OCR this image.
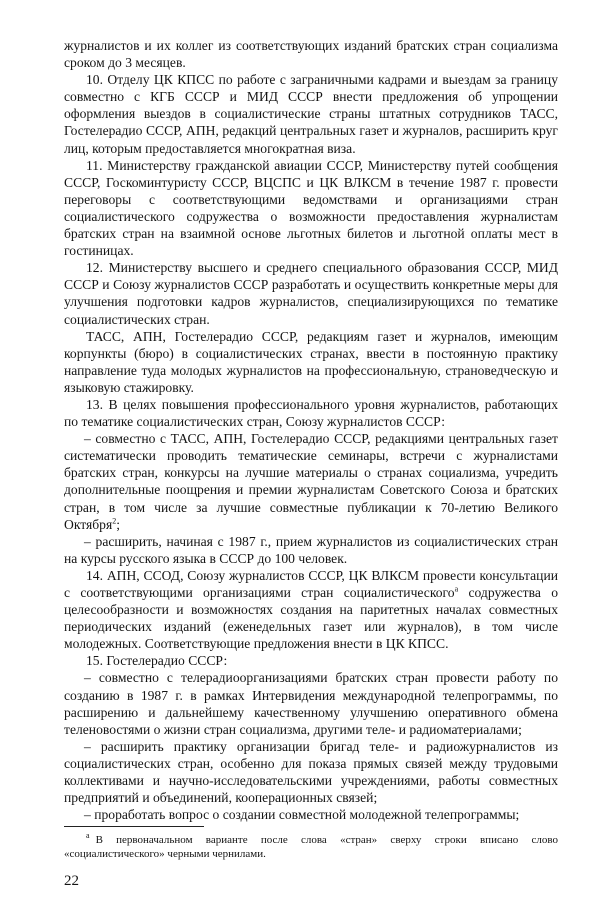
журналистов и их коллег из соответствующих изданий братских стран социализма сроком до 3 месяцев.

10. Отделу ЦК КПСС по работе с заграничными кадрами и выездам за границу совместно с КГБ СССР и МИД СССР внести предложения об упрощении оформления выездов в социалистические страны штатных сотрудников ТАСС, Гостелерадио СССР, АПН, редакций центральных газет и журналов, расширить круг лиц, которым предоставляется многократная виза.

11. Министерству гражданской авиации СССР, Министерству путей сообщения СССР, Госкоминтуристу СССР, ВЦСПС и ЦК ВЛКСМ в течение 1987 г. провести переговоры с соответствующими ведомствами и организациями стран социалистического содружества о возможности предоставления журналистам братских стран на взаимной основе льготных билетов и льготной оплаты мест в гостиницах.

12. Министерству высшего и среднего специального образования СССР, МИД СССР и Союзу журналистов СССР разработать и осуществить конкретные меры для улучшения подготовки кадров журналистов, специализирующихся по тематике социалистических стран.

ТАСС, АПН, Гостелерадио СССР, редакциям газет и журналов, имеющим корпункты (бюро) в социалистических странах, ввести в постоянную практику направление туда молодых журналистов на профессиональную, страноведческую и языковую стажировку.

13. В целях повышения профессионального уровня журналистов, работающих по тематике социалистических стран, Союзу журналистов СССР:

– совместно с ТАСС, АПН, Гостелерадио СССР, редакциями центральных газет систематически проводить тематические семинары, встречи с журналистами братских стран, конкурсы на лучшие материалы о странах социализма, учредить дополнительные поощрения и премии журналистам Советского Союза и братских стран, в том числе за лучшие совместные публикации к 70-летию Великого Октября$^2$;

– расширить, начиная с 1987 г., прием журналистов из социалистических стран на курсы русского языка в СССР до 100 человек.

14. АПН, ССОД, Союзу журналистов СССР, ЦК ВЛКСМ провести консультации с соответствующими организациями стран социалистического$^а$ содружества о целесообразности и возможностях создания на паритетных началах совместных периодических изданий (еженедельных газет или журналов), в том числе молодежных. Соответствующие предложения внести в ЦК КПСС.

15. Гостелерадио СССР:

– совместно с телерадиоорганизациями братских стран провести работу по созданию в 1987 г. в рамках Интервидения международной телепрограммы, по расширению и дальнейшему качественному улучшению оперативного обмена теленовостями о жизни стран социализма, другими теле- и радиоматериалами;

– расширить практику организации бригад теле- и радиожурналистов из социалистических стран, особенно для показа прямых связей между трудовыми коллективами и научно-исследовательскими учреждениями, работы совместных предприятий и объединений, кооперационных связей;

– проработать вопрос о создании совместной молодежной телепрограммы;

$^а$ В первоначальном варианте после слова «стран» сверху строки вписано слово «социалистического» черными чернилами.

22
